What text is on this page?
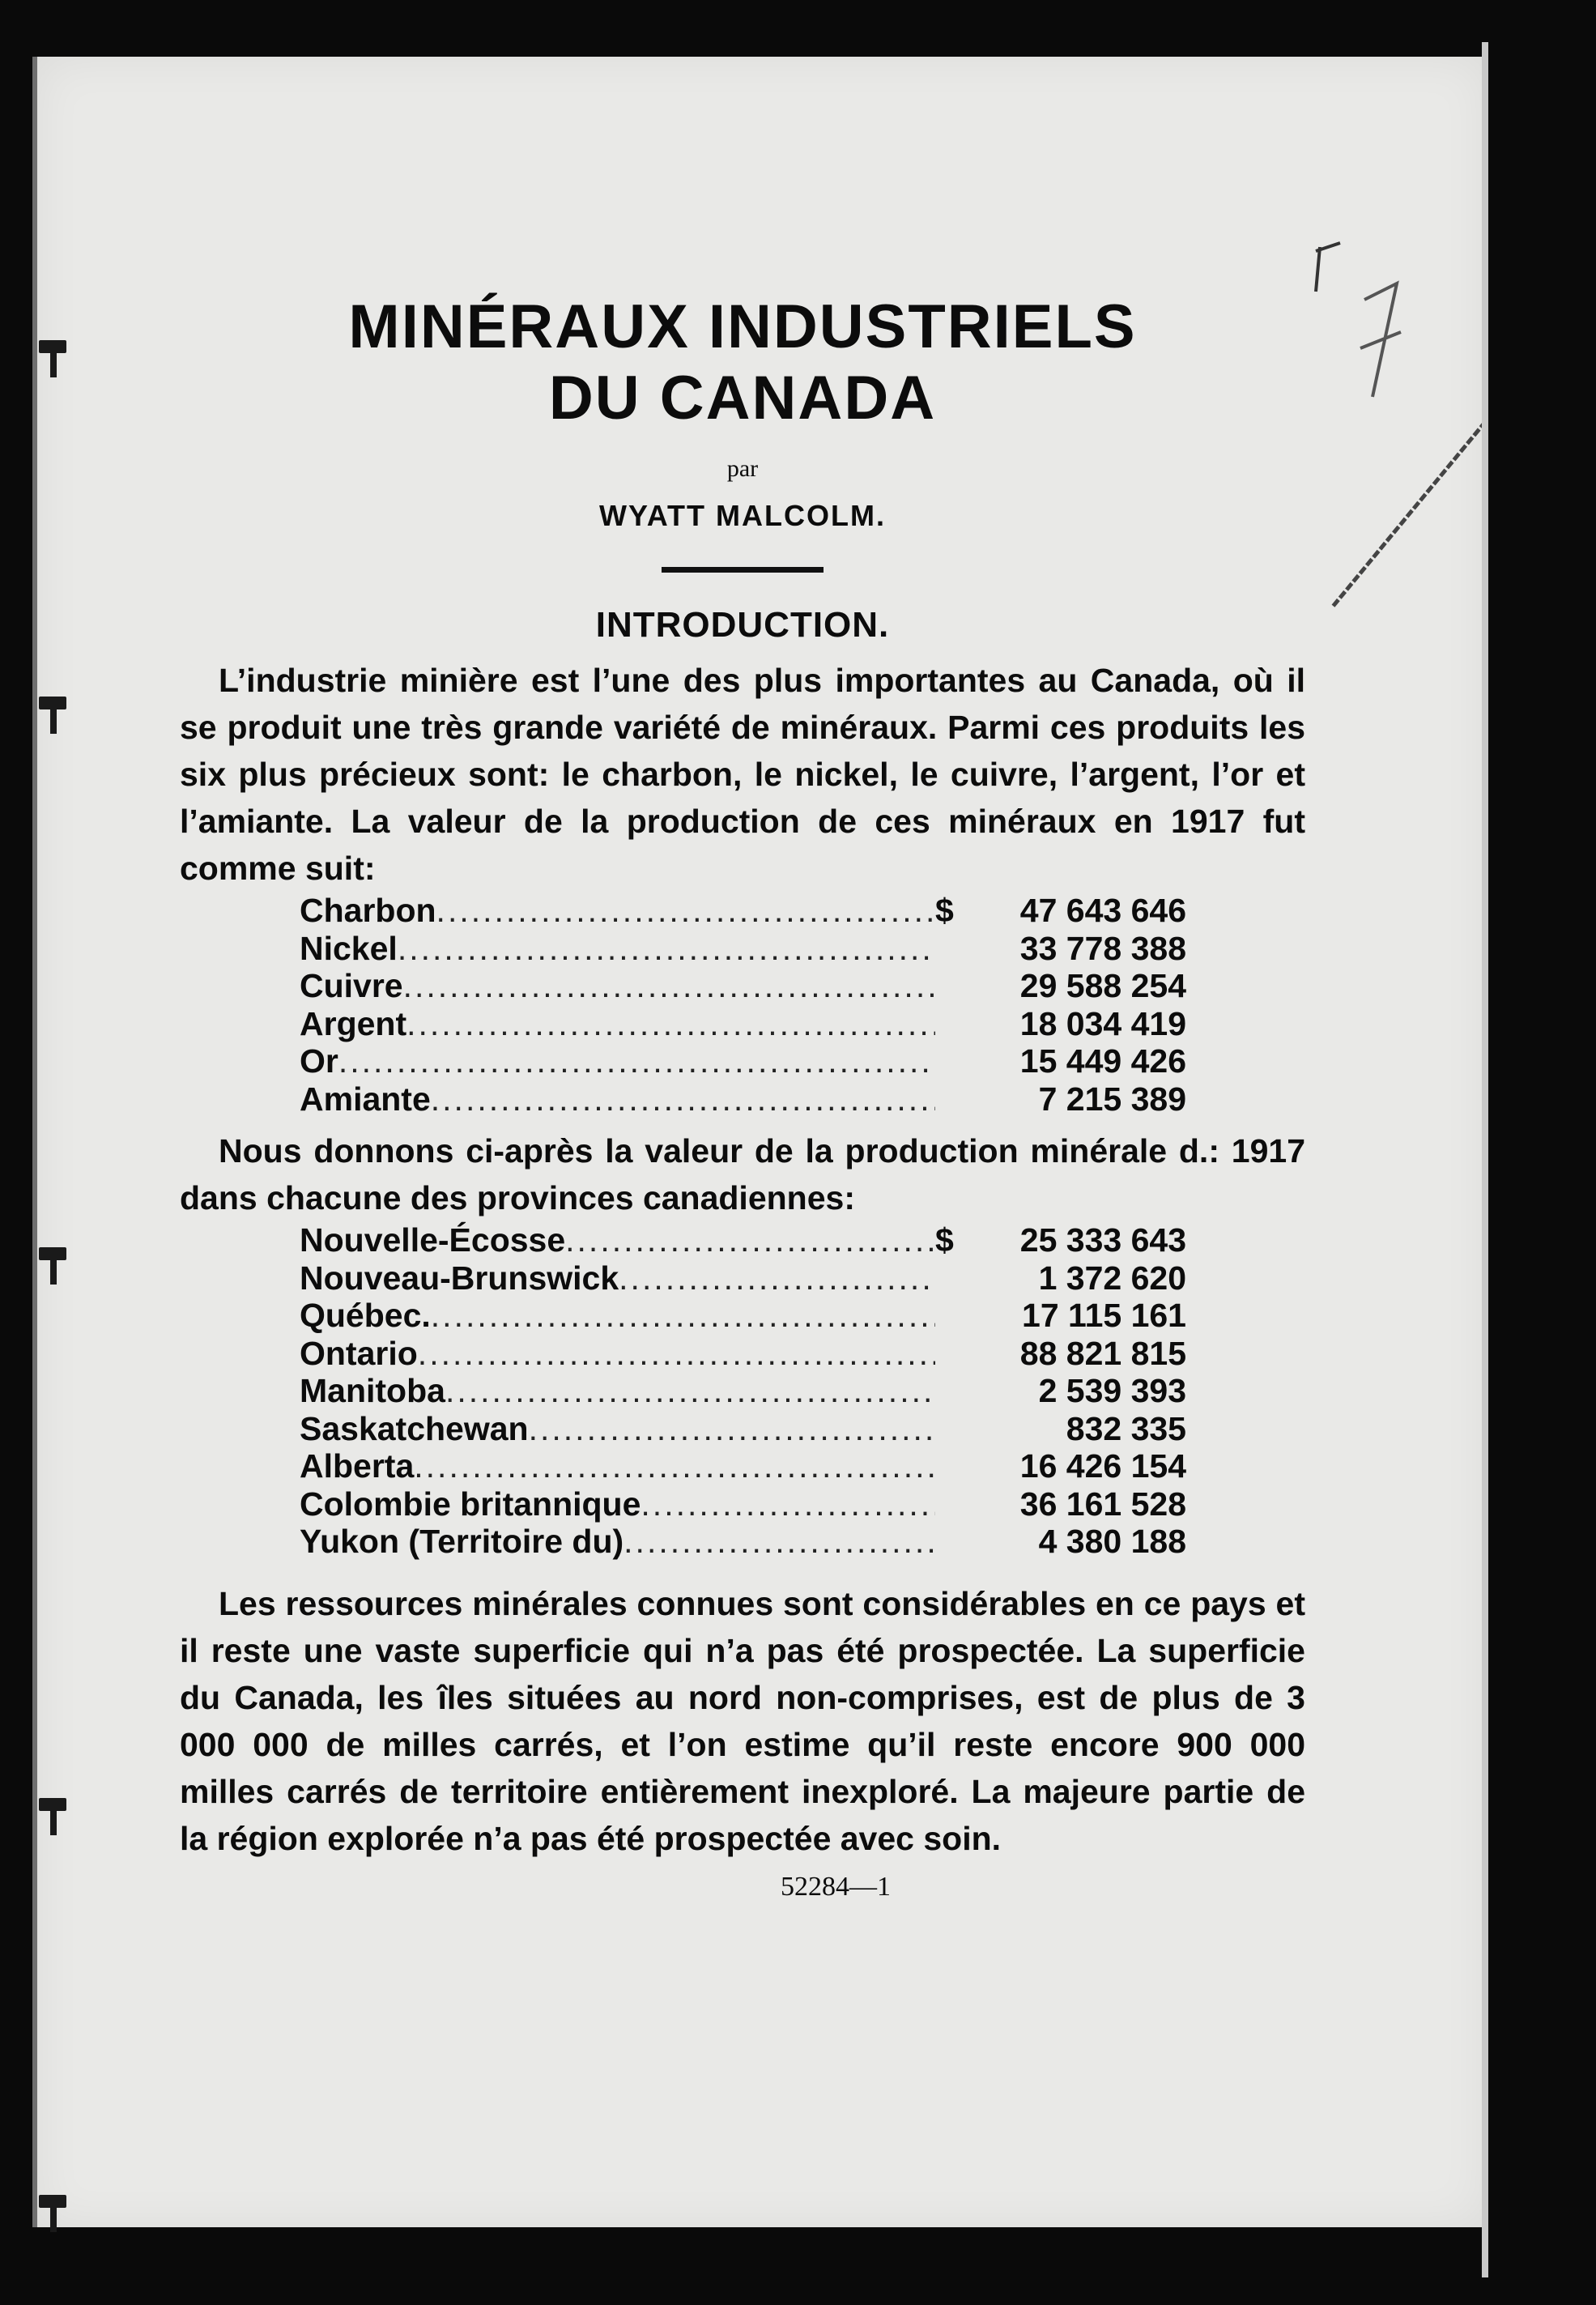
MINÉRAUX INDUSTRIELS
DU CANADA
par
WYATT MALCOLM.
INTRODUCTION.

L’industrie minière est l’une des plus importantes au Canada, où il se produit une très grande variété de minéraux. Parmi ces produits les six plus précieux sont: le charbon, le nickel, le cuivre, l’argent, l’or et l’amiante. La valeur de la production de ces minéraux en 1917 fut comme suit:

Charbon .....	$	47 643 646
Nickel .....	33 778 388
Cuivre .....	29 588 254
Argent .....	18 034 419
Or .....	15 449 426
Amiante .....	7 215 389

Nous donnons ci-après la valeur de la production minérale d.: 1917 dans chacune des provinces canadiennes:

Nouvelle-Écosse .....	$	25 333 643
Nouveau-Brunswick .....	1 372 620
Québec. .....	17 115 161
Ontario .....	88 821 815
Manitoba .....	2 539 393
Saskatchewan .....	832 335
Alberta .....	16 426 154
Colombie britannique .....	36 161 528
Yukon (Territoire du) .....	4 380 188

Les ressources minérales connues sont considérables en ce pays et il reste une vaste superficie qui n’a pas été prospectée. La superficie du Canada, les îles situées au nord non-comprises, est de plus de 3 000 000 de milles carrés, et l’on estime qu’il reste encore 900 000 milles carrés de territoire entièrement inexploré. La majeure partie de la région explorée n’a pas été prospectée avec soin.

52284—1
